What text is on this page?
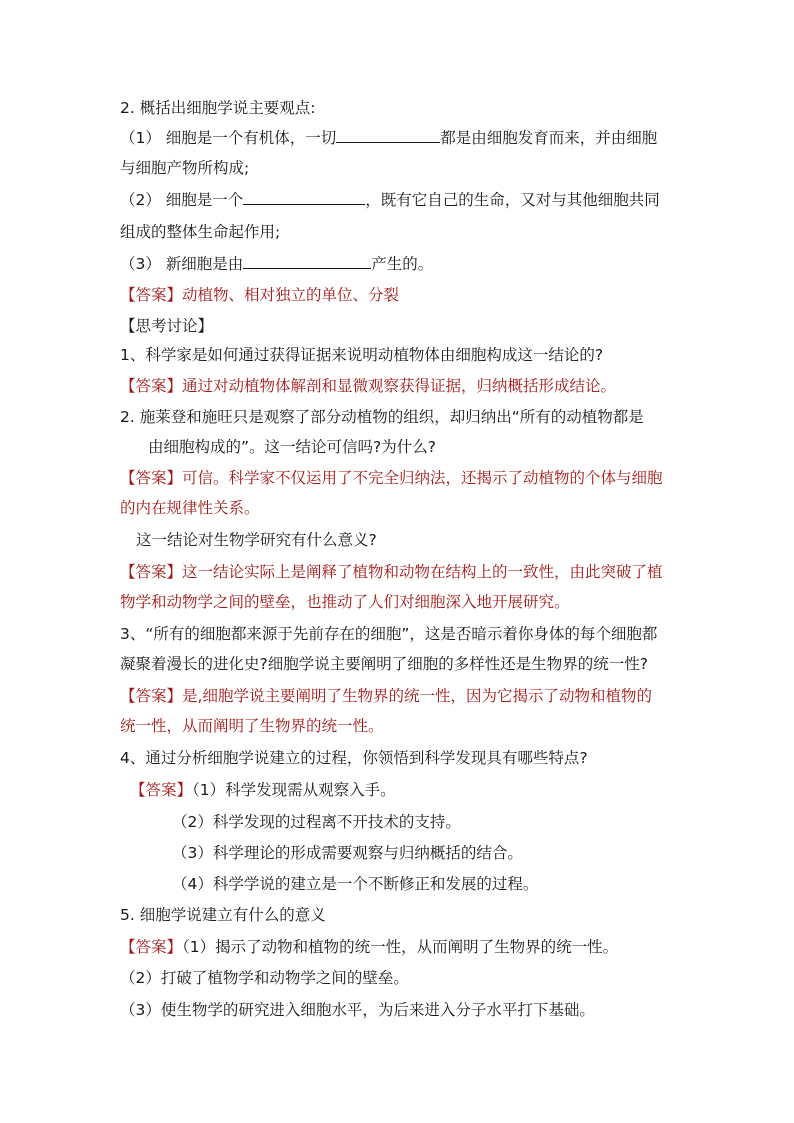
2. 概括出细胞学说主要观点:
（1） 细胞是一个有机体，一切	都是由细胞发育而来，并由细胞
与细胞产物所构成;
（2） 细胞是一个	，既有它自己的生命，又对与其他细胞共同
组成的整体生命起作用;
（3） 新细胞是由	产生的。
【答案】动植物、相对独立的单位、分裂
【思考讨论】
1、科学家是如何通过获得证据来说明动植物体由细胞构成这一结论的?
【答案】通过对动植物体解剖和显微观察获得证据，归纳概括形成结论。
2. 施莱登和施旺只是观察了部分动植物的组织，却归纳出“所有的动植物都是
由细胞构成的”。这一结论可信吗?为什么?
【答案】可信。科学家不仅运用了不完全归纳法，还揭示了动植物的个体与细胞
的内在规律性关系。
这一结论对生物学研究有什么意义?
【答案】这一结论实际上是阐释了植物和动物在结构上的一致性，由此突破了植
物学和动物学之间的壁垒，也推动了人们对细胞深入地开展研究。
3、“所有的细胞都来源于先前存在的细胞”，这是否暗示着你身体的每个细胞都
凝聚着漫长的进化史?细胞学说主要阐明了细胞的多样性还是生物界的统一性?
【答案】是,细胞学说主要阐明了生物界的统一性，因为它揭示了动物和植物的
统一性，从而阐明了生物界的统一性。
4、通过分析细胞学说建立的过程，你领悟到科学发现具有哪些特点?
【答案】（1）科学发现需从观察入手。
（2）科学发现的过程离不开技术的支持。
（3）科学理论的形成需要观察与归纳概括的结合。
（4）科学学说的建立是一个不断修正和发展的过程。
5. 细胞学说建立有什么的意义
【答案】（1）揭示了动物和植物的统一性，从而阐明了生物界的统一性。
（2）打破了植物学和动物学之间的壁垒。
（3）使生物学的研究进入细胞水平，为后来进入分子水平打下基础。
